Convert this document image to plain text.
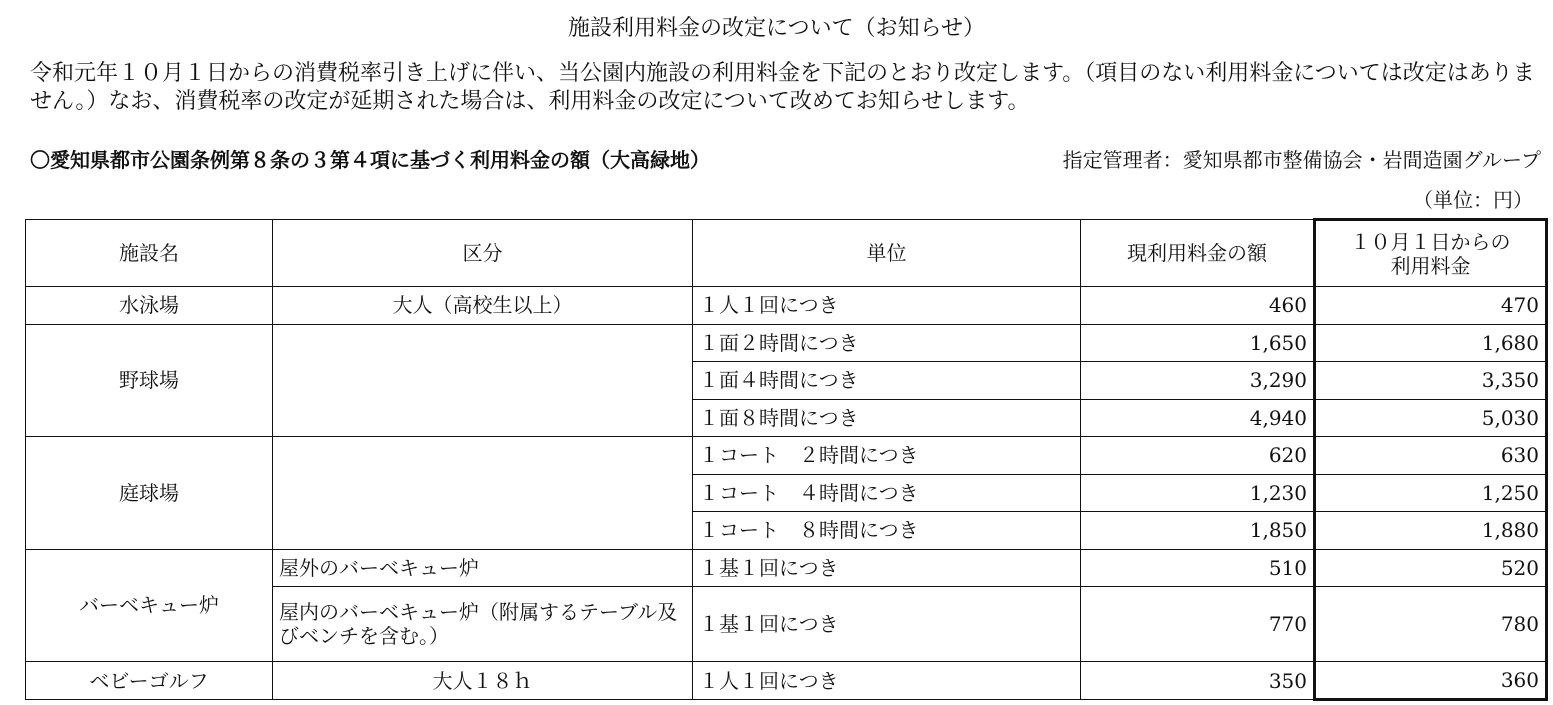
施設利用料金の改定について（お知らせ）
令和元年１０月１日からの消費税率引き上げに伴い、当公園内施設の利用料金を下記のとおり改定します。（項目のない利用料金については改定はありません。）なお、消費税率の改定が延期された場合は、利用料金の改定について改めてお知らせします。
〇愛知県都市公園条例第８条の３第４項に基づく利用料金の額（大高緑地）	指定管理者：愛知県都市整備協会・岩間造園グループ
（単位：円）
施設名	区分	単位	現利用料金の額	１０月１日からの
利用料金

水泳場	大人（高校生以上）	１人１回につき	460	470
野球場		１面２時間につき	1,650	1,680
		１面４時間につき	3,290	3,350
		１面８時間につき	4,940	5,030
庭球場		１コート　２時間につき	620	630
		１コート　４時間につき	1,230	1,250
		１コート　８時間につき	1,850	1,880
バーベキュー炉	屋外のバーベキュー炉	１基１回につき	510	520
	屋内のバーベキュー炉（附属するテーブル及びベンチを含む。）	１基１回につき	770	780
ベビーゴルフ	大人１８ｈ	１人１回につき	350	360
